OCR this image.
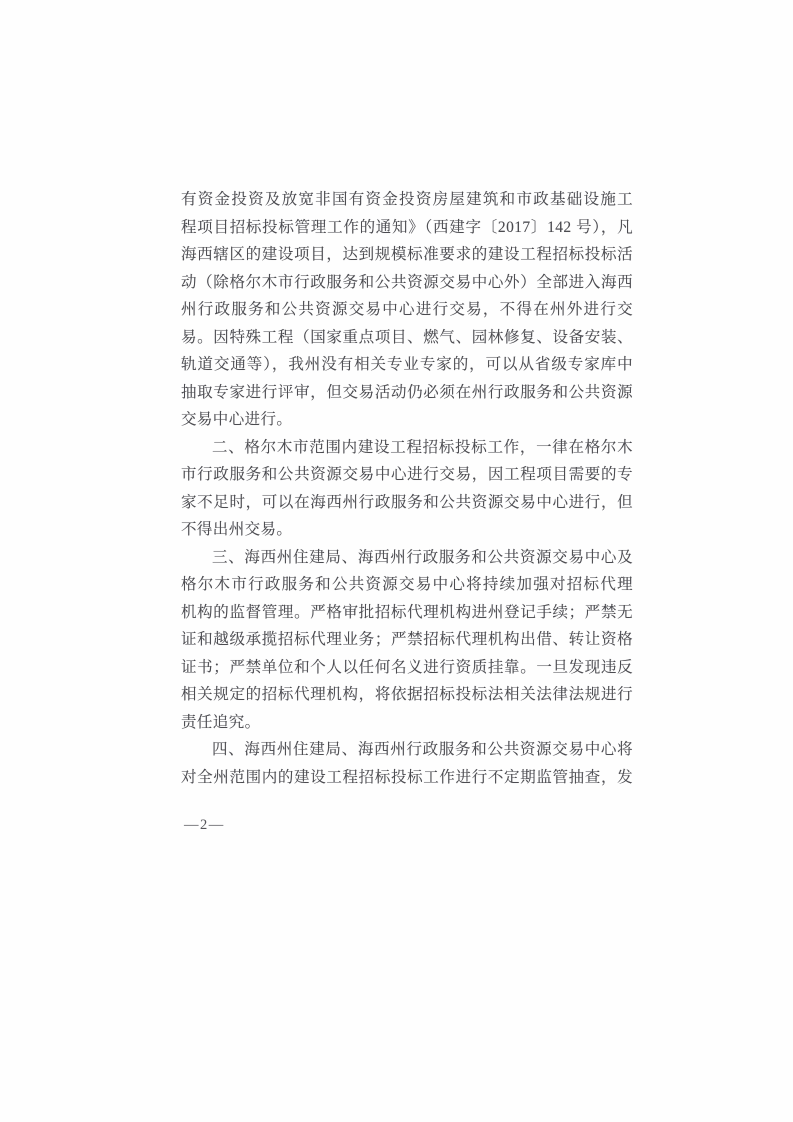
有资金投资及放宽非国有资金投资房屋建筑和市政基础设施工
程项目招标投标管理工作的通知》（西建字〔2017〕142 号），凡
海西辖区的建设项目，达到规模标准要求的建设工程招标投标活
动（除格尔木市行政服务和公共资源交易中心外）全部进入海西
州行政服务和公共资源交易中心进行交易，不得在州外进行交
易。因特殊工程（国家重点项目、燃气、园林修复、设备安装、
轨道交通等），我州没有相关专业专家的，可以从省级专家库中
抽取专家进行评审，但交易活动仍必须在州行政服务和公共资源
交易中心进行。
二、格尔木市范围内建设工程招标投标工作，一律在格尔木
市行政服务和公共资源交易中心进行交易，因工程项目需要的专
家不足时，可以在海西州行政服务和公共资源交易中心进行，但
不得出州交易。
三、海西州住建局、海西州行政服务和公共资源交易中心及
格尔木市行政服务和公共资源交易中心将持续加强对招标代理
机构的监督管理。严格审批招标代理机构进州登记手续；严禁无
证和越级承揽招标代理业务；严禁招标代理机构出借、转让资格
证书；严禁单位和个人以任何名义进行资质挂靠。一旦发现违反
相关规定的招标代理机构，将依据招标投标法相关法律法规进行
责任追究。
四、海西州住建局、海西州行政服务和公共资源交易中心将
对全州范围内的建设工程招标投标工作进行不定期监管抽查，发
—2—
